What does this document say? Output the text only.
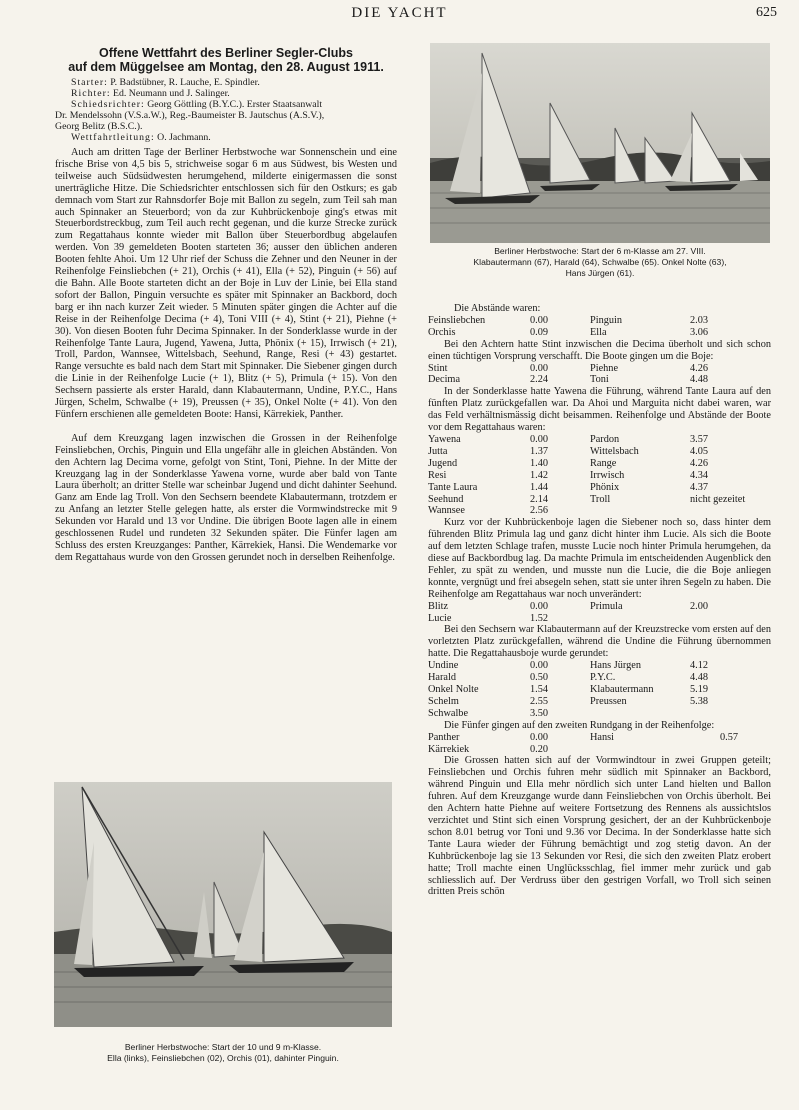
DIE YACHT	625
Offene Wettfahrt des Berliner Segler-Clubs
auf dem Müggelsee am Montag, den 28. August 1911.

Starter: P. Badstübner, R. Lauche, E. Spindler.

Richter: Ed. Neumann und J. Salinger.

Schiedsrichter: Georg Göttling (B.Y.C.). Erster Staatsanwalt

Dr. Mendelssohn (V.S.a.W.), Reg.-Baumeister B. Jautschus (A.S.V.),

Georg Belitz (B.S.C.).

Wettfahrtleitung: O. Jachmann.

Auch am dritten Tage der Berliner Herbstwoche war Sonnenschein und eine frische Brise von 4,5 bis 5, strichweise sogar 6 m aus Südwest, bis Westen und teilweise auch Südsüdwesten herumgehend, milderte einigermassen die sonst unerträgliche Hitze. Die Schiedsrichter entschlossen sich für den Ostkurs; es gab demnach vom Start zur Rahnsdorfer Boje mit Ballon zu segeln, zum Teil sah man auch Spinnaker an Steuerbord; von da zur Kuhbrückenboje ging's etwas mit Steuerbordstreckbug, zum Teil auch recht gegenan, und die kurze Strecke zurück zum Regattahaus konnte wieder mit Ballon über Steuerbordbug abgelaufen werden. Von 39 gemeldeten Booten starteten 36; ausser den üblichen anderen Booten fehlte Ahoi. Um 12 Uhr rief der Schuss die Zehner und den Neuner in der Reihenfolge Feinsliebchen (+ 21), Orchis (+ 41), Ella (+ 52), Pinguin (+ 56) auf die Bahn. Alle Boote starteten dicht an der Boje in Luv der Linie, bei Ella stand sofort der Ballon, Pinguin versuchte es später mit Spinnaker an Backbord, doch barg er ihn nach kurzer Zeit wieder. 5 Minuten später gingen die Achter auf die Reise in der Reihenfolge Decima (+ 4), Toni VIII (+ 4), Stint (+ 21), Piehne (+ 30). Von diesen Booten fuhr Decima Spinnaker. In der Sonderklasse wurde in der Reihenfolge Tante Laura, Jugend, Yawena, Jutta, Phönix (+ 15), Irrwisch (+ 21), Troll, Pardon, Wannsee, Wittelsbach, Seehund, Range, Resi (+ 43) gestartet. Range versuchte es bald nach dem Start mit Spinnaker. Die Siebener gingen durch die Linie in der Reihenfolge Lucie (+ 1), Blitz (+ 5), Primula (+ 15). Von den Sechsern passierte als erster Harald, dann Klabautermann, Undine, P.Y.C., Hans Jürgen, Schelm, Schwalbe (+ 19), Preussen (+ 35), Onkel Nolte (+ 41). Von den Fünfern erschienen alle gemeldeten Boote: Hansi, Kärrekiek, Panther.

Auf dem Kreuzgang lagen inzwischen die Grossen in der Reihenfolge Feinsliebchen, Orchis, Pinguin und Ella ungefähr alle in gleichen Abständen. Von den Achtern lag Decima vorne, gefolgt von Stint, Toni, Piehne. In der Mitte der Kreuzgang lag in der Sonderklasse Yawena vorne, wurde aber bald von Tante Laura überholt; an dritter Stelle war scheinbar Jugend und dicht dahinter Seehund. Ganz am Ende lag Troll. Von den Sechsern beendete Klabautermann, trotzdem er zu Anfang an letzter Stelle gelegen hatte, als erster die Vormwindstrecke mit 9 Sekunden vor Harald und 13 vor Undine. Die übrigen Boote lagen alle in einem geschlossenen Rudel und rundeten 32 Sekunden später. Die Fünfer lagen am Schluss des ersten Kreuzganges: Panther, Kärrekiek, Hansi. Die Wendemarke vor dem Regattahaus wurde von den Grossen gerundet noch in derselben Reihenfolge.

Berliner Herbstwoche: Start der 6 m-Klasse am 27. VIII.
Klabautermann (67), Harald (64), Schwalbe (65). Onkel Nolte (63),
Hans Jürgen (61).

Die Abstände waren:

Feinsliebchen	0.00	Pinguin	2.03
Orchis	0.09	Ella	3.06

Bei den Achtern hatte Stint inzwischen die Decima überholt und sich schon einen tüchtigen Vorsprung verschafft. Die Boote gingen um die Boje:

Stint	0.00	Piehne	4.26
Decima	2.24	Toni	4.48

In der Sonderklasse hatte Yawena die Führung, während Tante Laura auf den fünften Platz zurückgefallen war. Da Ahoi und Marguita nicht dabei waren, war das Feld verhältnismässig dicht beisammen. Reihenfolge und Abstände der Boote vor dem Regattahaus waren:

Yawena	0.00	Pardon	3.57
Jutta	1.37	Wittelsbach	4.05
Jugend	1.40	Range	4.26
Resi	1.42	Irrwisch	4.34
Tante Laura	1.44	Phönix	4.37
Seehund	2.14	Troll	nicht gezeitet
Wannsee	2.56		

Kurz vor der Kuhbrückenboje lagen die Siebener noch so, dass hinter dem führenden Blitz Primula lag und ganz dicht hinter ihm Lucie. Als sich die Boote auf dem letzten Schlage trafen, musste Lucie noch hinter Primula herumgehen, da diese auf Backbordbug lag. Da machte Primula im entscheidenden Augenblick den Fehler, zu spät zu wenden, und musste nun die Lucie, die die Boje anliegen konnte, vergnügt und frei absegeln sehen, statt sie unter ihren Segeln zu haben. Die Reihenfolge am Regattahaus war noch unverändert:

Blitz	0.00	Primula	2.00
Lucie	1.52		

Bei den Sechsern war Klabautermann auf der Kreuzstrecke vom ersten auf den vorletzten Platz zurückgefallen, während die Undine die Führung übernommen hatte. Die Regattahausboje wurde gerundet:

Undine	0.00	Hans Jürgen	4.12
Harald	0.50	P.Y.C.	4.48
Onkel Nolte	1.54	Klabautermann	5.19
Schelm	2.55	Preussen	5.38
Schwalbe	3.50		

Die Fünfer gingen auf den zweiten Rundgang in der Reihenfolge:

Panther	0.00	Hansi	0.57
Kärrekiek	0.20		

Die Grossen hatten sich auf der Vormwindtour in zwei Gruppen geteilt; Feinsliebchen und Orchis fuhren mehr südlich mit Spinnaker an Backbord, während Pinguin und Ella mehr nördlich sich unter Land hielten und Ballon fuhren. Auf dem Kreuzgange wurde dann Feinsliebchen von Orchis überholt. Bei den Achtern hatte Piehne auf weitere Fortsetzung des Rennens als aussichtslos verzichtet und Stint sich einen Vorsprung gesichert, der an der Kuhbrückenboje schon 8.01 betrug vor Toni und 9.36 vor Decima. In der Sonderklasse hatte sich Tante Laura wieder der Führung bemächtigt und zog stetig davon. An der Kuhbrückenboje lag sie 13 Sekunden vor Resi, die sich den zweiten Platz erobert hatte; Troll machte einen Unglücksschlag, fiel immer mehr zurück und gab schliesslich auf. Der Verdruss über den gestrigen Vorfall, wo Troll sich seinen dritten Preis schön

Berliner Herbstwoche: Start der 10 und 9 m-Klasse.
Ella (links), Feinsliebchen (02), Orchis (01), dahinter Pinguin.
